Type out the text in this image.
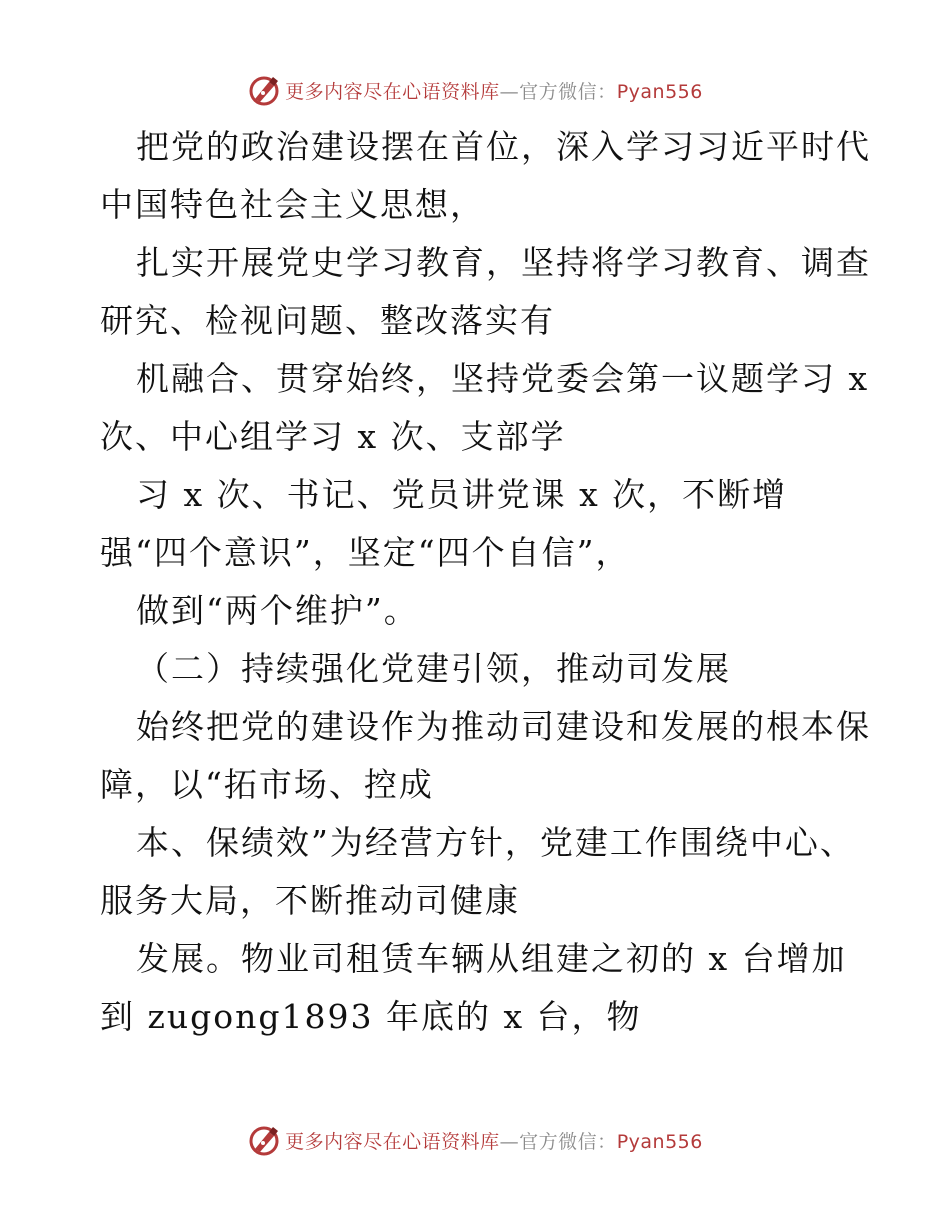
更多内容尽在心语资料库—官方微信：Pyan556
把党的政治建设摆在首位，深入学习习近平时代
中国特色社会主义思想，
扎实开展党史学习教育，坚持将学习教育、调查
研究、检视问题、整改落实有
机融合、贯穿始终，坚持党委会第一议题学习 x
次、中心组学习 x 次、支部学
习 x 次、书记、党员讲党课 x 次，不断增
强“四个意识”，坚定“四个自信”，
做到“两个维护”。
（二）持续强化党建引领，推动司发展
始终把党的建设作为推动司建设和发展的根本保
障，以“拓市场、控成
本、保绩效”为经营方针，党建工作围绕中心、
服务大局，不断推动司健康
发展。物业司租赁车辆从组建之初的 x 台增加
到 zugong1893 年底的 x 台，物
更多内容尽在心语资料库—官方微信：Pyan556
